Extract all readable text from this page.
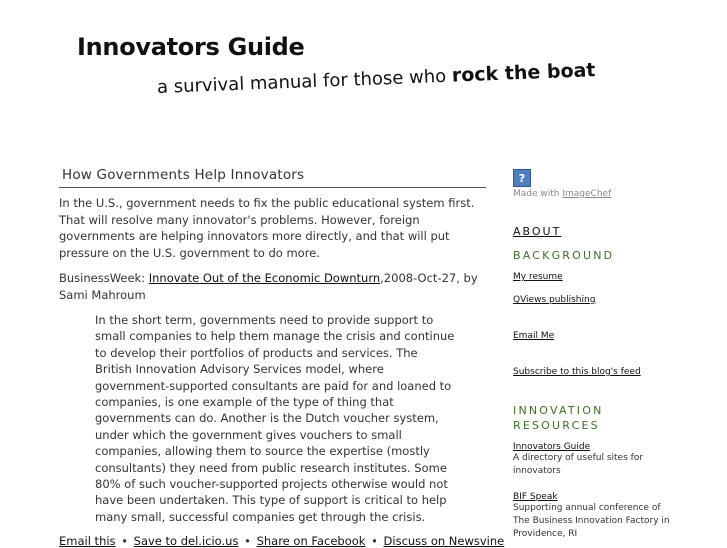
Innovators Guide
a survival manual for those who rock the boat
How Governments Help Innovators
In the U.S., government needs to fix the public educational system first. That will resolve many innovator's problems. However, foreign governments are helping innovators more directly, and that will put pressure on the U.S. government to do more.
BusinessWeek: Innovate Out of the Economic Downturn,2008-Oct-27, by Sami Mahroum
In the short term, governments need to provide support to small companies to help them manage the crisis and continue to develop their portfolios of products and services. The British Innovation Advisory Services model, where government-supported consultants are paid for and loaned to companies, is one example of the type of thing that governments can do. Another is the Dutch voucher system, under which the government gives vouchers to small companies, allowing them to source the expertise (mostly consultants) they need from public research institutes. Some 80% of such voucher-supported projects otherwise would not have been undertaken. This type of support is critical to help many small, successful companies get through the crisis.
Email this • Save to del.icio.us • Share on Facebook • Discuss on Newsvine
?
Made with ImageChef
ABOUT
BACKGROUND
My resume
QViews publishing
Email Me
Subscribe to this blog's feed
INNOVATION
RESOURCES
Innovators Guide
A directory of useful sites for innovators
BIF Speak
Supporting annual conference of The Business Innovation Factory in Providence, RI
